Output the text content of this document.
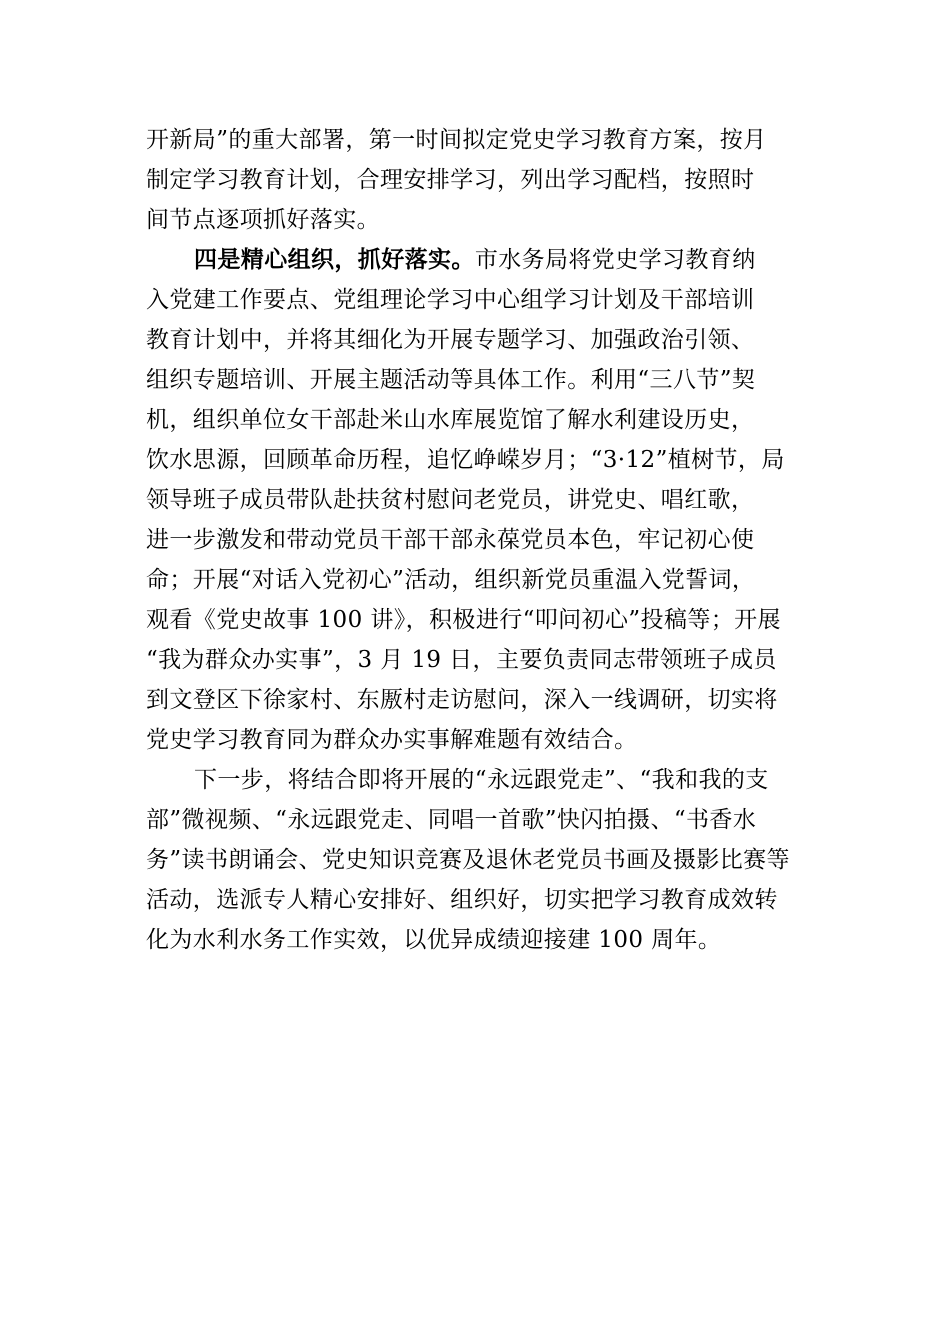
开新局”的重大部署，第一时间拟定党史学习教育方案，按月
制定学习教育计划，合理安排学习，列出学习配档，按照时
间节点逐项抓好落实。
四是精心组织，抓好落实。市水务局将党史学习教育纳
入党建工作要点、党组理论学习中心组学习计划及干部培训
教育计划中，并将其细化为开展专题学习、加强政治引领、
组织专题培训、开展主题活动等具体工作。利用“三八节”契
机，组织单位女干部赴米山水库展览馆了解水利建设历史，
饮水思源，回顾革命历程，追忆峥嵘岁月；“3·12”植树节，局
领导班子成员带队赴扶贫村慰问老党员，讲党史、唱红歌，
进一步激发和带动党员干部干部永葆党员本色，牢记初心使
命；开展“对话入党初心”活动，组织新党员重温入党誓词，
观看《党史故事 100 讲》，积极进行“叩问初心”投稿等；开展
“我为群众办实事”，3 月 19 日，主要负责同志带领班子成员
到文登区下徐家村、东厫村走访慰问，深入一线调研，切实将
党史学习教育同为群众办实事解难题有效结合。
下一步，将结合即将开展的“永远跟党走”、“我和我的支
部”微视频、“永远跟党走、同唱一首歌”快闪拍摄、“书香水
务”读书朗诵会、党史知识竞赛及退休老党员书画及摄影比赛等
活动，选派专人精心安排好、组织好，切实把学习教育成效转
化为水利水务工作实效，以优异成绩迎接建 100 周年。
